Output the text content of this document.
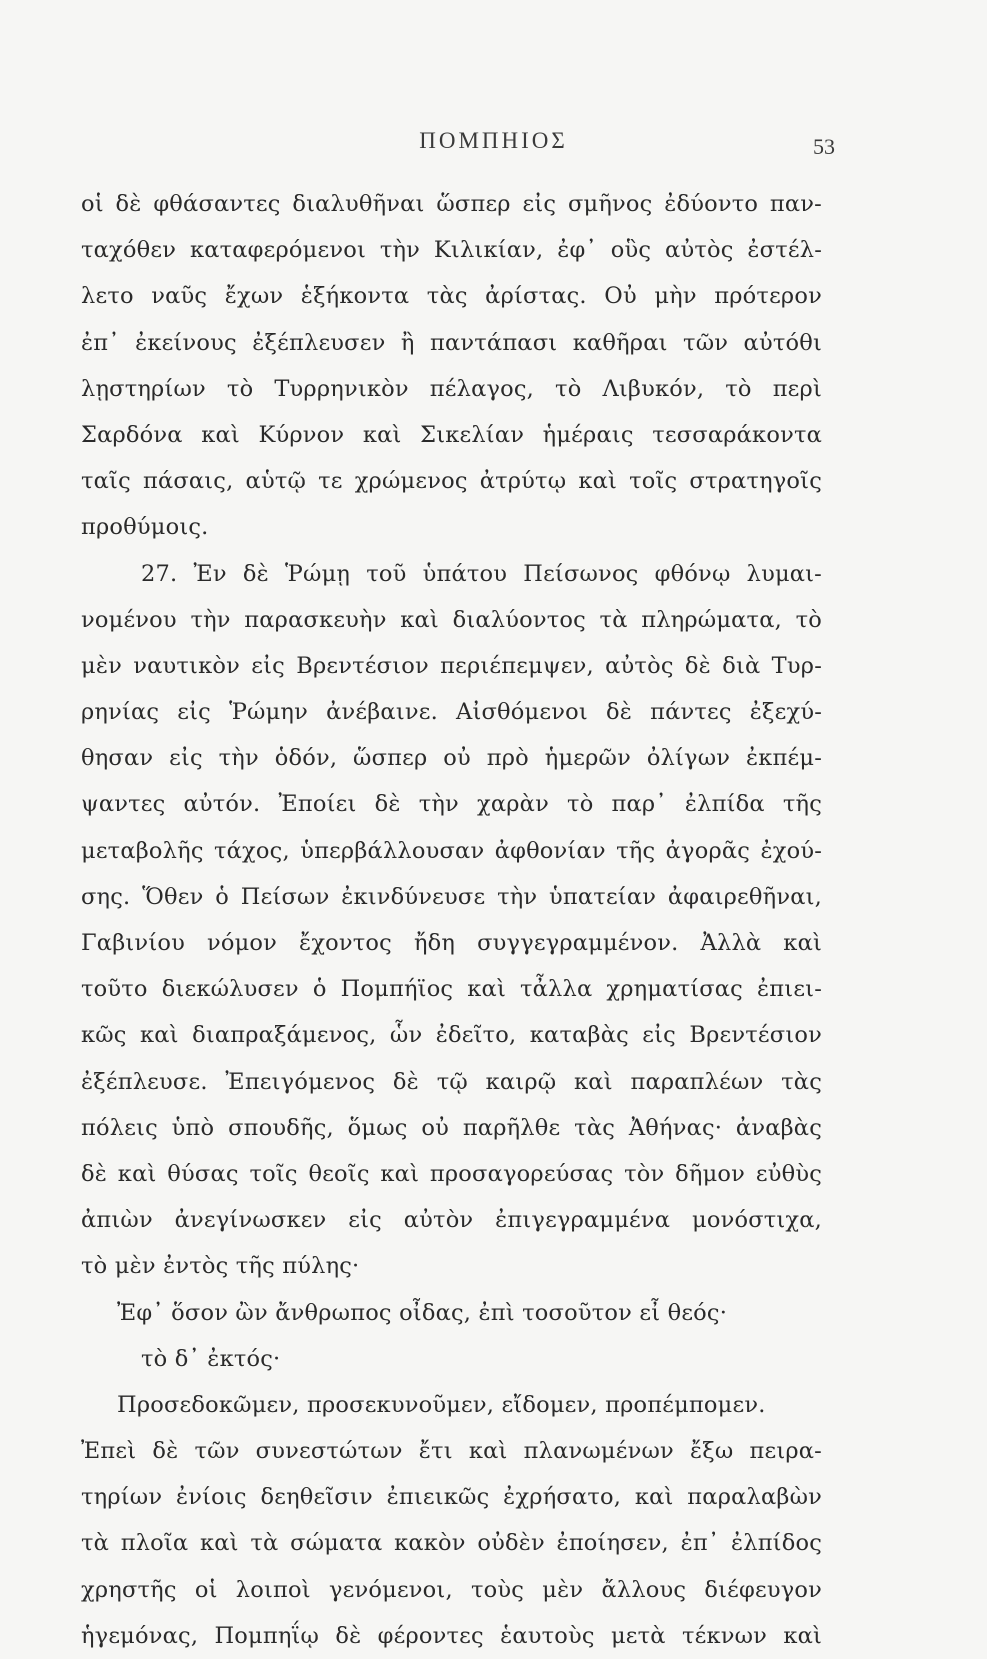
ΠΟΜΠΗΙΟΣ	53
οἱ δὲ φθάσαντες διαλυθῆναι ὥσπερ εἰς σμῆνος ἐδύοντο παν-
ταχόθεν καταφερόμενοι τὴν Κιλικίαν, ἐφ᾽ οὓς αὐτὸς ἐστέλ-
λετο ναῦς ἔχων ἑξήκοντα τὰς ἀρίστας. Οὐ μὴν πρότερον
ἐπ᾽ ἐκείνους ἐξέπλευσεν ἢ παντάπασι καθῆραι τῶν αὐτόθι
λῃστηρίων τὸ Τυρρηνικὸν πέλαγος, τὸ Λιβυκόν, τὸ περὶ
Σαρδόνα καὶ Κύρνον καὶ Σικελίαν ἡμέραις τεσσαράκοντα
ταῖς πάσαις, αὑτῷ τε χρώμενος ἀτρύτῳ καὶ τοῖς στρατηγοῖς
προθύμοις.
27. Ἐν δὲ Ῥώμῃ τοῦ ὑπάτου Πείσωνος φθόνῳ λυμαι-
νομένου τὴν παρασκευὴν καὶ διαλύοντος τὰ πληρώματα, τὸ
μὲν ναυτικὸν εἰς Βρεντέσιον περιέπεμψεν, αὐτὸς δὲ διὰ Τυρ-
ρηνίας εἰς Ῥώμην ἀνέβαινε. Αἰσθόμενοι δὲ πάντες ἐξεχύ-
θησαν εἰς τὴν ὁδόν, ὥσπερ οὐ πρὸ ἡμερῶν ὀλίγων ἐκπέμ-
ψαντες αὐτόν. Ἐποίει δὲ τὴν χαρὰν τὸ παρ᾽ ἐλπίδα τῆς
μεταβολῆς τάχος, ὑπερβάλλουσαν ἀφθονίαν τῆς ἀγορᾶς ἐχού-
σης. Ὅθεν ὁ Πείσων ἐκινδύνευσε τὴν ὑπατείαν ἀφαιρεθῆναι,
Γαβινίου νόμον ἔχοντος ἤδη συγγεγραμμένον. Ἀλλὰ καὶ
τοῦτο διεκώλυσεν ὁ Πομπήϊος καὶ τἆλλα χρηματίσας ἐπιει-
κῶς καὶ διαπραξάμενος, ὧν ἐδεῖτο, καταβὰς εἰς Βρεντέσιον
ἐξέπλευσε. Ἐπειγόμενος δὲ τῷ καιρῷ καὶ παραπλέων τὰς
πόλεις ὑπὸ σπουδῆς, ὅμως οὐ παρῆλθε τὰς Ἀθήνας· ἀναβὰς
δὲ καὶ θύσας τοῖς θεοῖς καὶ προσαγορεύσας τὸν δῆμον εὐθὺς
ἀπιὼν ἀνεγίνωσκεν εἰς αὐτὸν ἐπιγεγραμμένα μονόστιχα,
τὸ μὲν ἐντὸς τῆς πύλης·
Ἐφ᾽ ὅσον ὢν ἄνθρωπος οἶδας, ἐπὶ τοσοῦτον εἶ θεός·
τὸ δ᾽ ἐκτός·
Προσεδοκῶμεν, προσεκυνοῦμεν, εἴδομεν, προπέμπομεν.
Ἐπεὶ δὲ τῶν συνεστώτων ἔτι καὶ πλανωμένων ἔξω πειρα-
τηρίων ἐνίοις δεηθεῖσιν ἐπιεικῶς ἐχρήσατο, καὶ παραλαβὼν
τὰ πλοῖα καὶ τὰ σώματα κακὸν οὐδὲν ἐποίησεν, ἐπ᾽ ἐλπίδος
χρηστῆς οἱ λοιποὶ γενόμενοι, τοὺς μὲν ἄλλους διέφευγον
ἡγεμόνας, Πομπηΐῳ δὲ φέροντες ἑαυτοὺς μετὰ τέκνων καὶ
